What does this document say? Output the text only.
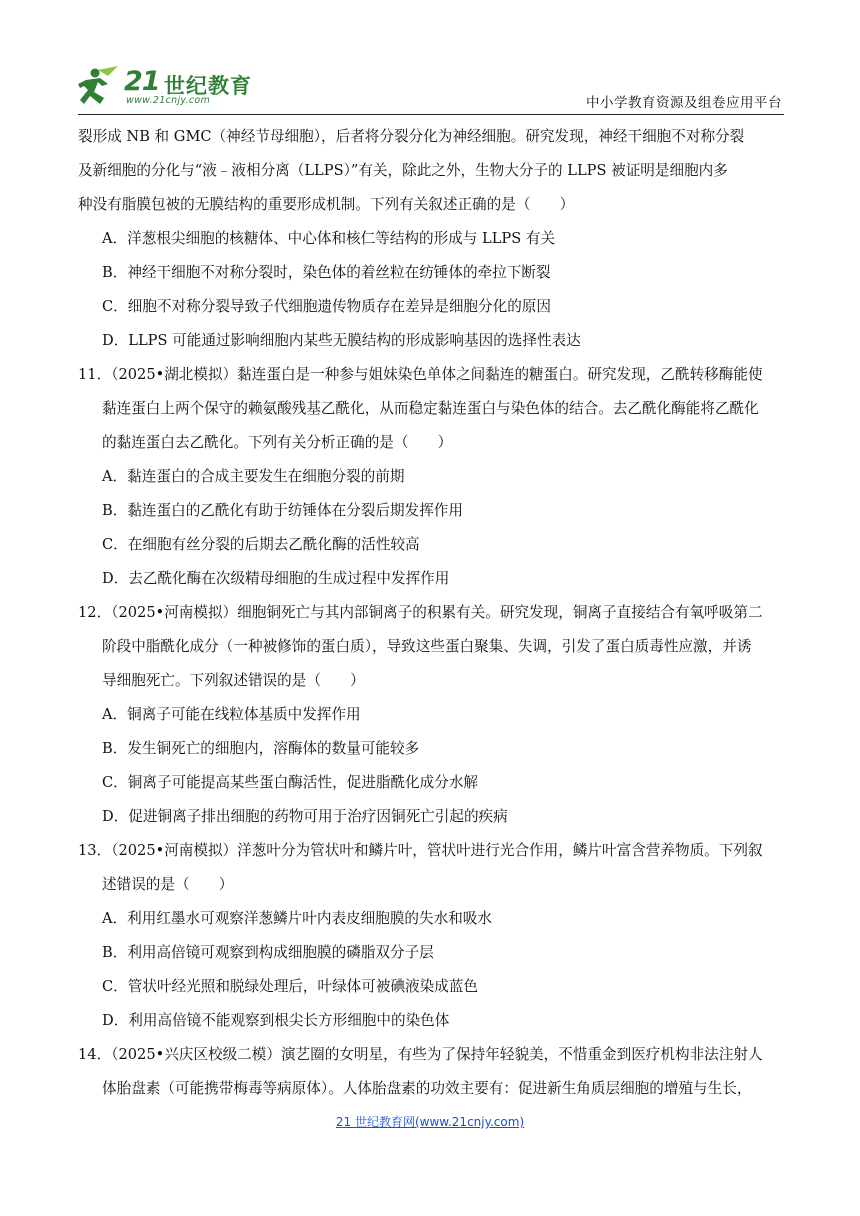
21 世纪教育
www.21cnjy.com	中小学教育资源及组卷应用平台
裂形成 NB 和 GMC（神经节母细胞），后者将分裂分化为神经细胞。研究发现，神经干细胞不对称分裂
及新细胞的分化与“液﹣液相分离（LLPS）”有关，除此之外，生物大分子的 LLPS 被证明是细胞内多
种没有脂膜包被的无膜结构的重要形成机制。下列有关叙述正确的是（　　）
A．洋葱根尖细胞的核糖体、中心体和核仁等结构的形成与 LLPS 有关
B．神经干细胞不对称分裂时，染色体的着丝粒在纺锤体的牵拉下断裂
C．细胞不对称分裂导致子代细胞遗传物质存在差异是细胞分化的原因
D．LLPS 可能通过影响细胞内某些无膜结构的形成影响基因的选择性表达
11．（2025•湖北模拟）黏连蛋白是一种参与姐妹染色单体之间黏连的糖蛋白。研究发现，乙酰转移酶能使
黏连蛋白上两个保守的赖氨酸残基乙酰化，从而稳定黏连蛋白与染色体的结合。去乙酰化酶能将乙酰化
的黏连蛋白去乙酰化。下列有关分析正确的是（　　）
A．黏连蛋白的合成主要发生在细胞分裂的前期
B．黏连蛋白的乙酰化有助于纺锤体在分裂后期发挥作用
C．在细胞有丝分裂的后期去乙酰化酶的活性较高
D．去乙酰化酶在次级精母细胞的生成过程中发挥作用
12．（2025•河南模拟）细胞铜死亡与其内部铜离子的积累有关。研究发现，铜离子直接结合有氧呼吸第二
阶段中脂酰化成分（一种被修饰的蛋白质），导致这些蛋白聚集、失调，引发了蛋白质毒性应激，并诱
导细胞死亡。下列叙述错误的是（　　）
A．铜离子可能在线粒体基质中发挥作用
B．发生铜死亡的细胞内，溶酶体的数量可能较多
C．铜离子可能提高某些蛋白酶活性，促进脂酰化成分水解
D．促进铜离子排出细胞的药物可用于治疗因铜死亡引起的疾病
13．（2025•河南模拟）洋葱叶分为管状叶和鳞片叶，管状叶进行光合作用，鳞片叶富含营养物质。下列叙
述错误的是（　　）
A．利用红墨水可观察洋葱鳞片叶内表皮细胞膜的失水和吸水
B．利用高倍镜可观察到构成细胞膜的磷脂双分子层
C．管状叶经光照和脱绿处理后，叶绿体可被碘液染成蓝色
D．利用高倍镜不能观察到根尖长方形细胞中的染色体
14．（2025•兴庆区校级二模）演艺圈的女明星，有些为了保持年轻貌美，不惜重金到医疗机构非法注射人
体胎盘素（可能携带梅毒等病原体）。人体胎盘素的功效主要有：促进新生角质层细胞的增殖与生长，
21 世纪教育网(www.21cnjy.com)
